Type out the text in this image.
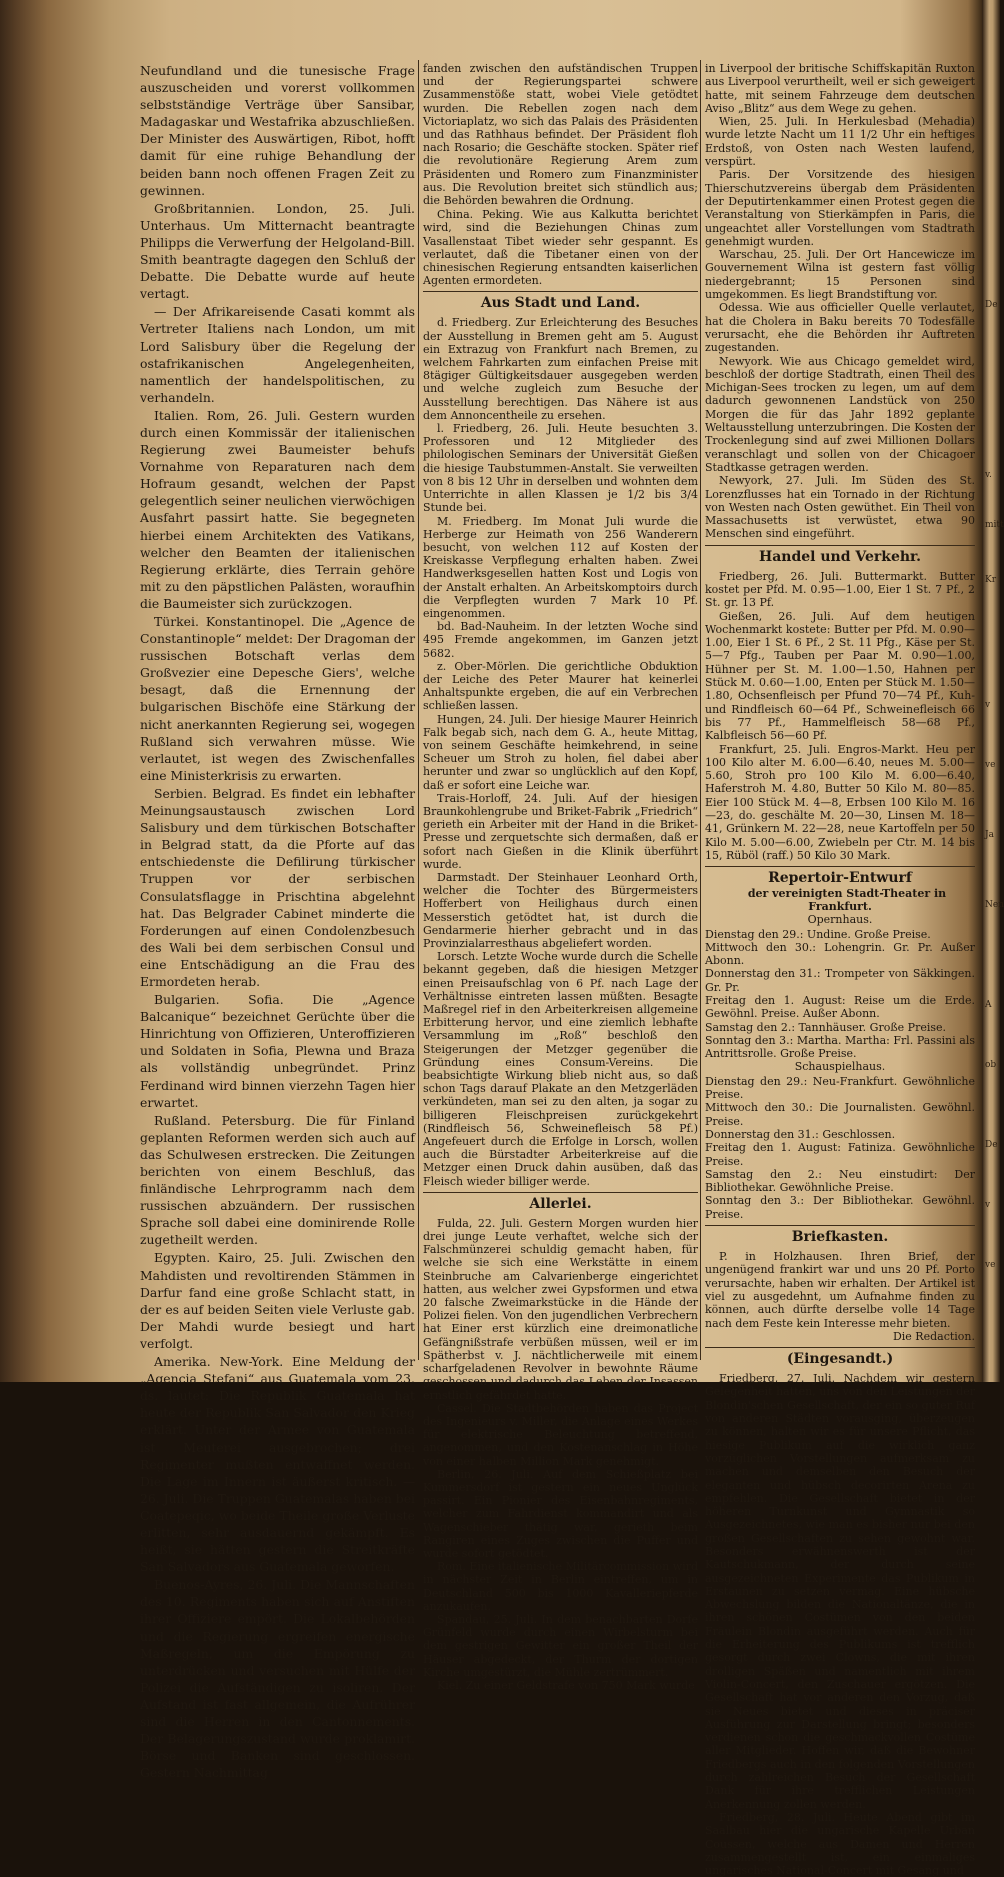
Neufundland und die tunesische Frage auszuscheiden und vorerst vollkommen selbstständige Verträge über Sansibar, Madagaskar und Westafrika abzuschließen. Der Minister des Auswärtigen, Ribot, hofft damit für eine ruhige Behandlung der beiden bann noch offenen Fragen Zeit zu gewinnen.

Großbritannien. London, 25. Juli. Unterhaus. Um Mitternacht beantragte Philipps die Verwerfung der Helgoland-Bill. Smith beantragte dagegen den Schluß der Debatte. Die Debatte wurde auf heute vertagt.

— Der Afrikareisende Casati kommt als Vertreter Italiens nach London, um mit Lord Salisbury über die Regelung der ostafrikanischen Angelegenheiten, namentlich der handelspolitischen, zu verhandeln.

Italien. Rom, 26. Juli. Gestern wurden durch einen Kommissär der italienischen Regierung zwei Baumeister behufs Vornahme von Reparaturen nach dem Hofraum gesandt, welchen der Papst gelegentlich seiner neulichen vierwöchigen Ausfahrt passirt hatte. Sie begegneten hierbei einem Architekten des Vatikans, welcher den Beamten der italienischen Regierung erklärte, dies Terrain gehöre mit zu den päpstlichen Palästen, woraufhin die Baumeister sich zurückzogen.

Türkei. Konstantinopel. Die „Agence de Constantinople“ meldet: Der Dragoman der russischen Botschaft verlas dem Großvezier eine Depesche Giers', welche besagt, daß die Ernennung der bulgarischen Bischöfe eine Stärkung der nicht anerkannten Regierung sei, wogegen Rußland sich verwahren müsse. Wie verlautet, ist wegen des Zwischenfalles eine Ministerkrisis zu erwarten.

Serbien. Belgrad. Es findet ein lebhafter Meinungsaustausch zwischen Lord Salisbury und dem türkischen Botschafter in Belgrad statt, da die Pforte auf das entschiedenste die Defilirung türkischer Truppen vor der serbischen Consulatsflagge in Prischtina abgelehnt hat. Das Belgrader Cabinet minderte die Forderungen auf einen Condolenzbesuch des Wali bei dem serbischen Consul und eine Entschädigung an die Frau des Ermordeten herab.

Bulgarien. Sofia. Die „Agence Balcanique“ bezeichnet Gerüchte über die Hinrichtung von Offizieren, Unteroffizieren und Soldaten in Sofia, Plewna und Braza als vollständig unbegründet. Prinz Ferdinand wird binnen vierzehn Tagen hier erwartet.

Rußland. Petersburg. Die für Finland geplanten Reformen werden sich auch auf das Schulwesen erstrecken. Die Zeitungen berichten von einem Beschluß, das finländische Lehrprogramm nach dem russischen abzuändern. Der russischen Sprache soll dabei eine dominirende Rolle zugetheilt werden.

Egypten. Kairo, 25. Juli. Zwischen den Mahdisten und revoltirenden Stämmen in Darfur fand eine große Schlacht statt, in der es auf beiden Seiten viele Verluste gab. Der Mahdi wurde besiegt und hart verfolgt.

Amerika. New-York. Eine Meldung der „Agencia Stefani“ aus Guatemala vom 23. ds. lautet: Die Republik Guatemala hat heute der Republik San Salvador den Krieg erklärt. Unter der Armee von Guatemala ist Meuterei ausgebrochen; drei Regimenter mußten entwaffnet werden. Die Lage im Innern ist äußerst kritisch. — 26. Juli. Die Truppen Guatemalas haben bei Coatepeqic, wo beide Theile große Verluste erlitten, sehr ausdauernd gekämpft. Es heißt, sie hätten gestern die Streitkräfte San Salvadors aus Guatemala geworfen.

Buenos-Ayres, 26. Juli. Die Mannschaften des 10. Regiments haben sich auf Anstiften ihrer Offiziere empört. Die Lokalbehörden und die Regierung ergreifen energische Maßregeln, um die Empörung zu unterdrücken und versuchen mit Hülfe der Polizei die Aufständigen zu isoliren. Der Aufstand ist fast allgemein, die Aufrührer sind die Herren in den Cantonnements. Der Belagerungszustand wurde proklamirt. Börse und Banken sind geschlossen. Gestern Nachmittag

fanden zwischen den aufständischen Truppen und der Regierungspartei schwere Zusammenstöße statt, wobei Viele getödtet wurden. Die Rebellen zogen nach dem Victoriaplatz, wo sich das Palais des Präsidenten und das Rathhaus befindet. Der Präsident floh nach Rosario; die Geschäfte stocken. Später rief die revolutionäre Regierung Arem zum Präsidenten und Romero zum Finanzminister aus. Die Revolution breitet sich stündlich aus; die Behörden bewahren die Ordnung.

China. Peking. Wie aus Kalkutta berichtet wird, sind die Beziehungen Chinas zum Vasallenstaat Tibet wieder sehr gespannt. Es verlautet, daß die Tibetaner einen von der chinesischen Regierung entsandten kaiserlichen Agenten ermordeten.

Aus Stadt und Land.

d. Friedberg. Zur Erleichterung des Besuches der Ausstellung in Bremen geht am 5. August ein Extrazug von Frankfurt nach Bremen, zu welchem Fahrkarten zum einfachen Preise mit 8tägiger Gültigkeitsdauer ausgegeben werden und welche zugleich zum Besuche der Ausstellung berechtigen. Das Nähere ist aus dem Annoncentheile zu ersehen.

l. Friedberg, 26. Juli. Heute besuchten 3. Professoren und 12 Mitglieder des philologischen Seminars der Universität Gießen die hiesige Taubstummen-Anstalt. Sie verweilten von 8 bis 12 Uhr in derselben und wohnten dem Unterrichte in allen Klassen je 1/2 bis 3/4 Stunde bei.

M. Friedberg. Im Monat Juli wurde die Herberge zur Heimath von 256 Wanderern besucht, von welchen 112 auf Kosten der Kreiskasse Verpflegung erhalten haben. Zwei Handwerksgesellen hatten Kost und Logis von der Anstalt erhalten. An Arbeitskomptoirs durch die Verpflegten wurden 7 Mark 10 Pf. eingenommen.

bd. Bad-Nauheim. In der letzten Woche sind 495 Fremde angekommen, im Ganzen jetzt 5682.

z. Ober-Mörlen. Die gerichtliche Obduktion der Leiche des Peter Maurer hat keinerlei Anhaltspunkte ergeben, die auf ein Verbrechen schließen lassen.

Hungen, 24. Juli. Der hiesige Maurer Heinrich Falk begab sich, nach dem G. A., heute Mittag, von seinem Geschäfte heimkehrend, in seine Scheuer um Stroh zu holen, fiel dabei aber herunter und zwar so unglücklich auf den Kopf, daß er sofort eine Leiche war.

Trais-Horloff, 24. Juli. Auf der hiesigen Braunkohlengrube und Briket-Fabrik „Friedrich“ gerieth ein Arbeiter mit der Hand in die Briket-Presse und zerquetschte sich dermaßen, daß er sofort nach Gießen in die Klinik überführt wurde.

Darmstadt. Der Steinhauer Leonhard Orth, welcher die Tochter des Bürgermeisters Hofferbert von Heilighaus durch einen Messerstich getödtet hat, ist durch die Gendarmerie hierher gebracht und in das Provinzialarresthaus abgeliefert worden.

Lorsch. Letzte Woche wurde durch die Schelle bekannt gegeben, daß die hiesigen Metzger einen Preisaufschlag von 6 Pf. nach Lage der Verhältnisse eintreten lassen müßten. Besagte Maßregel rief in den Arbeiterkreisen allgemeine Erbitterung hervor, und eine ziemlich lebhafte Versammlung im „Roß“ beschloß den Steigerungen der Metzger gegenüber die Gründung eines Consum-Vereins. Die beabsichtigte Wirkung blieb nicht aus, so daß schon Tags darauf Plakate an den Metzgerläden verkündeten, man sei zu den alten, ja sogar zu billigeren Fleischpreisen zurückgekehrt (Rindfleisch 56, Schweinefleisch 58 Pf.) Angefeuert durch die Erfolge in Lorsch, wollen auch die Bürstadter Arbeiterkreise auf die Metzger einen Druck dahin ausüben, daß das Fleisch wieder billiger werde.

Allerlei.

Fulda, 22. Juli. Gestern Morgen wurden hier drei junge Leute verhaftet, welche sich der Falschmünzerei schuldig gemacht haben, für welche sie sich eine Werkstätte in einem Steinbruche am Calvarienberge eingerichtet hatten, aus welcher zwei Gypsformen und etwa 20 falsche Zweimarkstücke in die Hände der Polizei fielen. Von den jugendlichen Verbrechern hat Einer erst kürzlich eine dreimonatliche Gefängnißstrafe verbüßen müssen, weil er im Spätherbst v. J. nächtlicherweile mit einem scharfgeladenen Revolver in bewohnte Räume geschossen und dadurch das Leben der Insassen ernstlich gefährdet hatte.

Cassel. Die Stadtbehörden haben das Project des Ingenieurs v. Miller, die Anlage eines Werkes für elektrische Beleuchtung betreffend, angenommen, und den Kostenanschlag in Höhe von einer halben Million Mark genehmigt.

Berlin, 26. Juli. Auf dem Schießplatz bei Kummersdorf ist gestern ein neues Unglück passirt. Ein Pionier des Eisenbahnregiments, welcher zum Fahrdienst kommandirt und als Wagenschieber thätig war, gerieth beim Rangiren eines Zuges zwischen die Puffer und wurde sofort getödtet.

Rom. Eine italienische Militärcommission wird in nächster Zeit in Berlin eintreffen, um in Deutschland 500 bis 1000 Kavalleriepferde anzukaufen.

Spandau, 25. Juli. In dem benachbarten Dorfe Grünfeld wurde durch einen Wirbelsturm bei dem gestrigen Gewitter ein großer Theil der Häuser abgedeckt, der Thurm der dortigen Kirche umgestürzt, die Mühle zertrümmert.

Kiel. Zu einer Geldstrafe von 750 Mark wurde

in Liverpool der britische Schiffskapitän Ruxton aus Liverpool verurtheilt, weil er sich geweigert hatte, mit seinem Fahrzeuge dem deutschen Aviso „Blitz“ aus dem Wege zu gehen.

Wien, 25. Juli. In Herkulesbad (Mehadia) wurde letzte Nacht um 11 1/2 Uhr ein heftiges Erdstoß, von Osten nach Westen laufend, verspürt.

Paris. Der Vorsitzende des hiesigen Thierschutzvereins übergab dem Präsidenten der Deputirtenkammer einen Protest gegen die Veranstaltung von Stierkämpfen in Paris, die ungeachtet aller Vorstellungen vom Stadtrath genehmigt wurden.

Warschau, 25. Juli. Der Ort Hancewicze im Gouvernement Wilna ist gestern fast völlig niedergebrannt; 15 Personen sind umgekommen. Es liegt Brandstiftung vor.

Odessa. Wie aus officieller Quelle verlautet, hat die Cholera in Baku bereits 70 Todesfälle verursacht, ehe die Behörden ihr Auftreten zugestanden.

Newyork. Wie aus Chicago gemeldet wird, beschloß der dortige Stadtrath, einen Theil des Michigan-Sees trocken zu legen, um auf dem dadurch gewonnenen Landstück von 250 Morgen die für das Jahr 1892 geplante Weltausstellung unterzubringen. Die Kosten der Trockenlegung sind auf zwei Millionen Dollars veranschlagt und sollen von der Chicagoer Stadtkasse getragen werden.

Newyork, 27. Juli. Im Süden des St. Lorenzflusses hat ein Tornado in der Richtung von Westen nach Osten gewüthet. Ein Theil von Massachusetts ist verwüstet, etwa 90 Menschen sind eingeführt.

Handel und Verkehr.

Friedberg, 26. Juli. Buttermarkt. Butter kostet per Pfd. M. 0.95—1.00, Eier 1 St. 7 Pf., 2 St. gr. 13 Pf.

Gießen, 26. Juli. Auf dem heutigen Wochenmarkt kostete: Butter per Pfd. M. 0.90—1.00, Eier 1 St. 6 Pf., 2 St. 11 Pfg., Käse per St. 5—7 Pfg., Tauben per Paar M. 0.90—1.00, Hühner per St. M. 1.00—1.50, Hahnen per Stück M. 0.60—1.00, Enten per Stück M. 1.50—1.80, Ochsenfleisch per Pfund 70—74 Pf., Kuh- und Rindfleisch 60—64 Pf., Schweinefleisch 66 bis 77 Pf., Hammelfleisch 58—68 Pf., Kalbfleisch 56—60 Pf.

Frankfurt, 25. Juli. Engros-Markt. Heu per 100 Kilo alter M. 6.00—6.40, neues M. 5.00—5.60, Stroh pro 100 Kilo M. 6.00—6.40, Haferstroh M. 4.80, Butter 50 Kilo M. 80—85. Eier 100 Stück M. 4—8, Erbsen 100 Kilo M. 16—23, do. geschälte M. 20—30, Linsen M. 18—41, Grünkern M. 22—28, neue Kartoffeln per 50 Kilo M. 5.00—6.00, Zwiebeln per Ctr. M. 14 bis 15, Rüböl (raff.) 50 Kilo 30 Mark.

Repertoir-Entwurf

der vereinigten Stadt-Theater in Frankfurt.

Opernhaus.

Dienstag den 29.: Undine. Große Preise.

Mittwoch den 30.: Lohengrin. Gr. Pr. Außer Abonn.

Donnerstag den 31.: Trompeter von Säkkingen. Gr. Pr.

Freitag den 1. August: Reise um die Erde. Gewöhnl. Preise. Außer Abonn.

Samstag den 2.: Tannhäuser. Große Preise.

Sonntag den 3.: Martha. Martha: Frl. Passini als Antrittsrolle. Große Preise.

Schauspielhaus.

Dienstag den 29.: Neu-Frankfurt. Gewöhnliche Preise.

Mittwoch den 30.: Die Journalisten. Gewöhnl. Preise.

Donnerstag den 31.: Geschlossen.

Freitag den 1. August: Fatiniza. Gewöhnliche Preise.

Samstag den 2.: Neu einstudirt: Der Bibliothekar. Gewöhnliche Preise.

Sonntag den 3.: Der Bibliothekar. Gewöhnl. Preise.

Briefkasten.

P. in Holzhausen. Ihren Brief, der ungenügend frankirt war und uns 20 Pf. Porto verursachte, haben wir erhalten. Der Artikel ist viel zu ausgedehnt, um Aufnahme finden zu können, auch dürfte derselbe volle 14 Tage nach dem Feste kein Interesse mehr bieten.

Die Redaction.

(Eingesandt.)

Friedberg, 27. Juli. Nachdem wir gestern Gelegenheit hatten, uns von den Leistungen der Blondin'schen Gesellschaft, der ein so guter Ruf von anderen Städten vorausging, überzeugen zu können, halten wir es für unsere Pflicht, das hiesige Publikum auf die wirklich ganz vorzüglichen Vorstellungen aufmerksam zu machen und demselben den Besuch der eleganten und hübsch decorirten Arena zu empfehlen. Die Gesellschaft bietet in der höheren Turnkunst und Gymnastik so Ausgezeichnetes, wie man es bisher nur bei den großen Gesellschaften zu sehen gewohnt war. Besonders erwähnenswerth ist der Kautschukmann, der durch seine ausgezeichneten Experimente das Publikum in Erstaunen zu setzen vermag. Eine hübsche Abwechslung bilden die Nationaltänze, die in ihren schönen Costümen von den beiden Fräulein Blondin ausgeführt werden. Auch für die Erheiterung des Publikums ist trefflich gesorgt durch zwei Clowns, die mit ihren drolligen Späßen und namentlich mit ihrem Violin-Concert, den Zuschauer ergötzen. Die Gesellschaft hat vor anderen den Vorzug, daß sie Neues bietet und dieses in präciser Ausführung zur Darstellung bringt; besonders verdienen schon die geschmackvollen Costüme aller Mitglieder. Hoffen wir, daß die Bewohner Friedbergs auch in den folgenden Vorstellungen durch zahlreichen Besuch der Gesellschaft Dank für ihre trefflichen Leistungen Anerkennung zollen werden.

Friedberg, 28. Juli. Heute Abend gibt im Saalbau hier die ungarische Kapelle Urban Coussen, welche aus Damen und Herren zusammengestellt ist, ein einmaliges ungarisches National-Concert mit Gesang und

De
v.
mitt
Kr
v
ve
Ja
Nen
A
ob
De
v
ve
